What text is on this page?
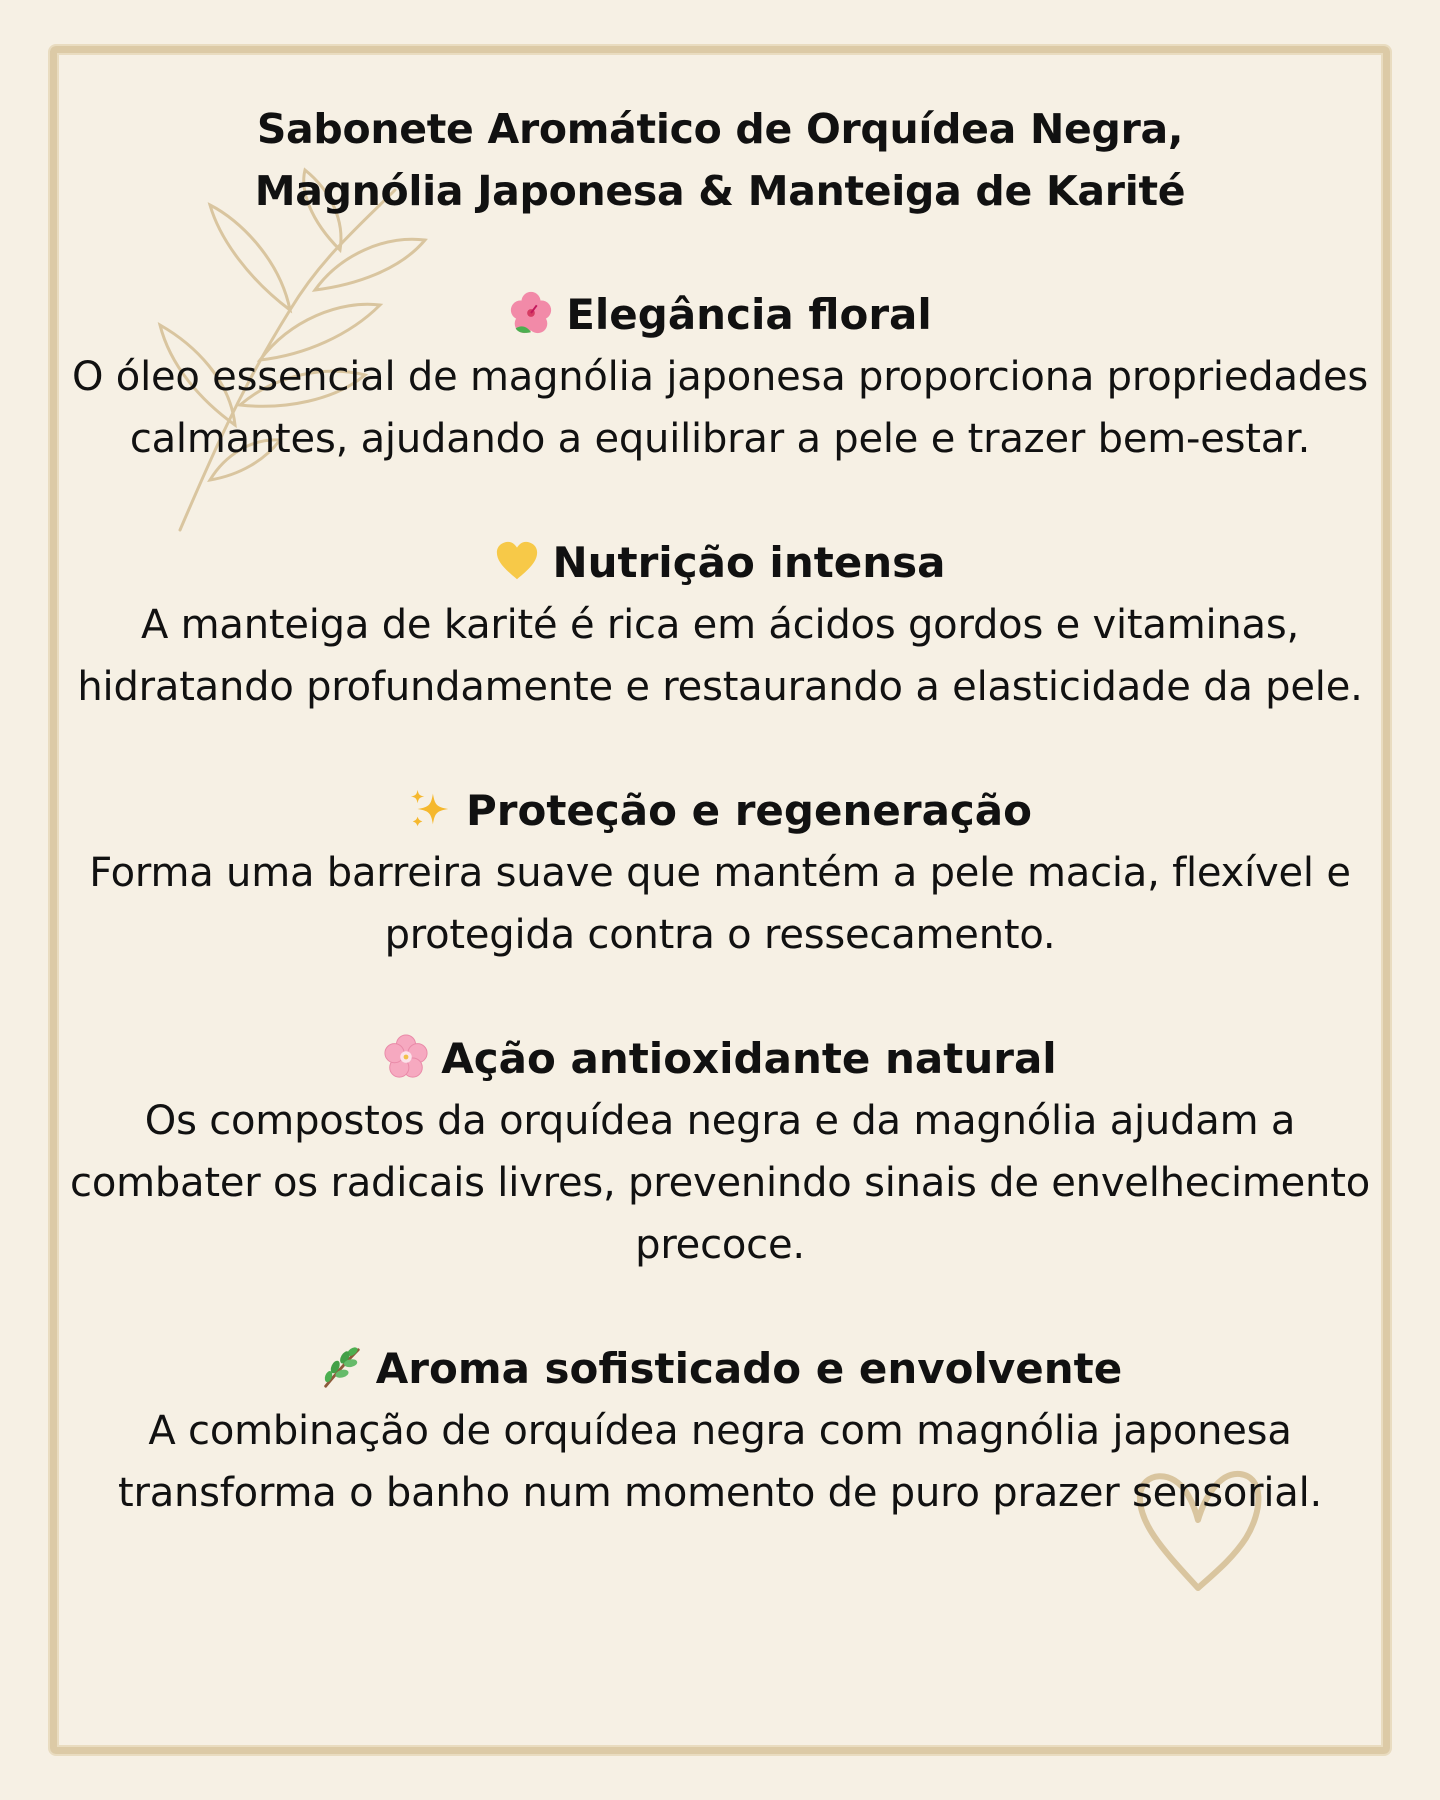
Sabonete Aromático de Orquídea Negra,
Magnólia Japonesa & Manteiga de Karité
Elegância floral

O óleo essencial de magnólia japonesa proporciona propriedades calmantes, ajudando a equilibrar a pele e trazer bem-estar.

Nutrição intensa

A manteiga de karité é rica em ácidos gordos e vitaminas, hidratando profundamente e restaurando a elasticidade da pele.

Proteção e regeneração

Forma uma barreira suave que mantém a pele macia, flexível e protegida contra o ressecamento.

Ação antioxidante natural

Os compostos da orquídea negra e da magnólia ajudam a combater os radicais livres, prevenindo sinais de envelhecimento precoce.

Aroma sofisticado e envolvente

A combinação de orquídea negra com magnólia japonesa transforma o banho num momento de puro prazer sensorial.
